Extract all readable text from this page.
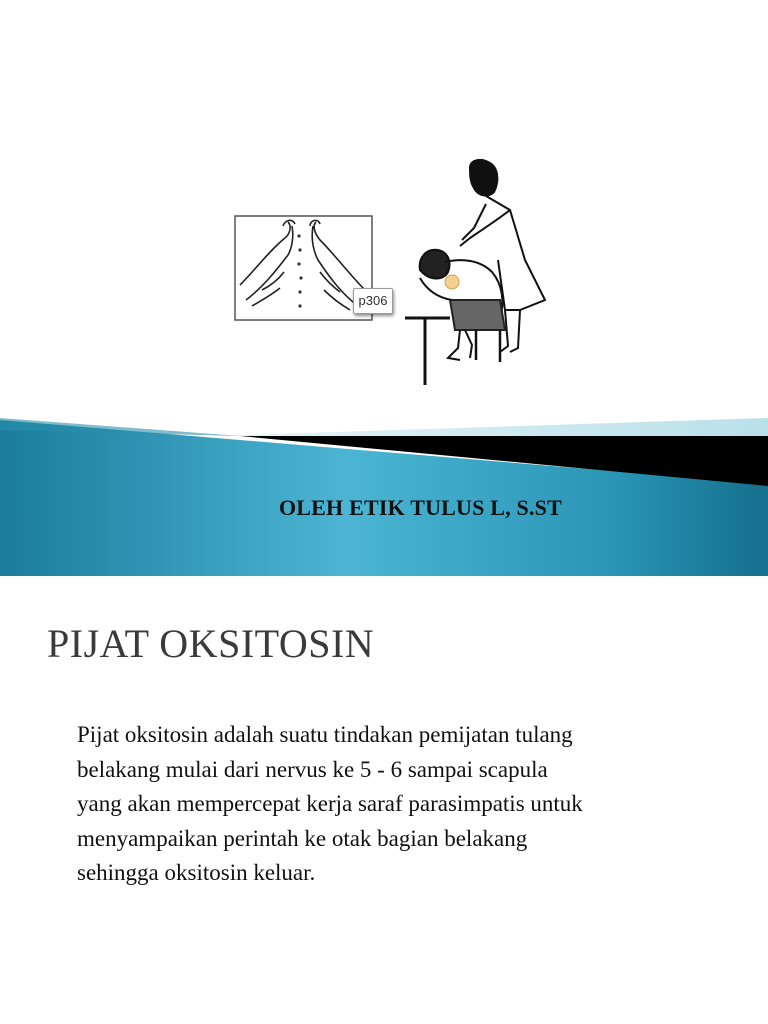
p306
OLEH ETIK TULUS L, S.ST
PIJAT OKSITOSIN
Pijat oksitosin adalah suatu tindakan pemijatan tulang
belakang mulai dari nervus ke 5 - 6 sampai scapula
yang akan mempercepat kerja saraf parasimpatis untuk
menyampaikan perintah ke otak bagian belakang
sehingga oksitosin keluar.
